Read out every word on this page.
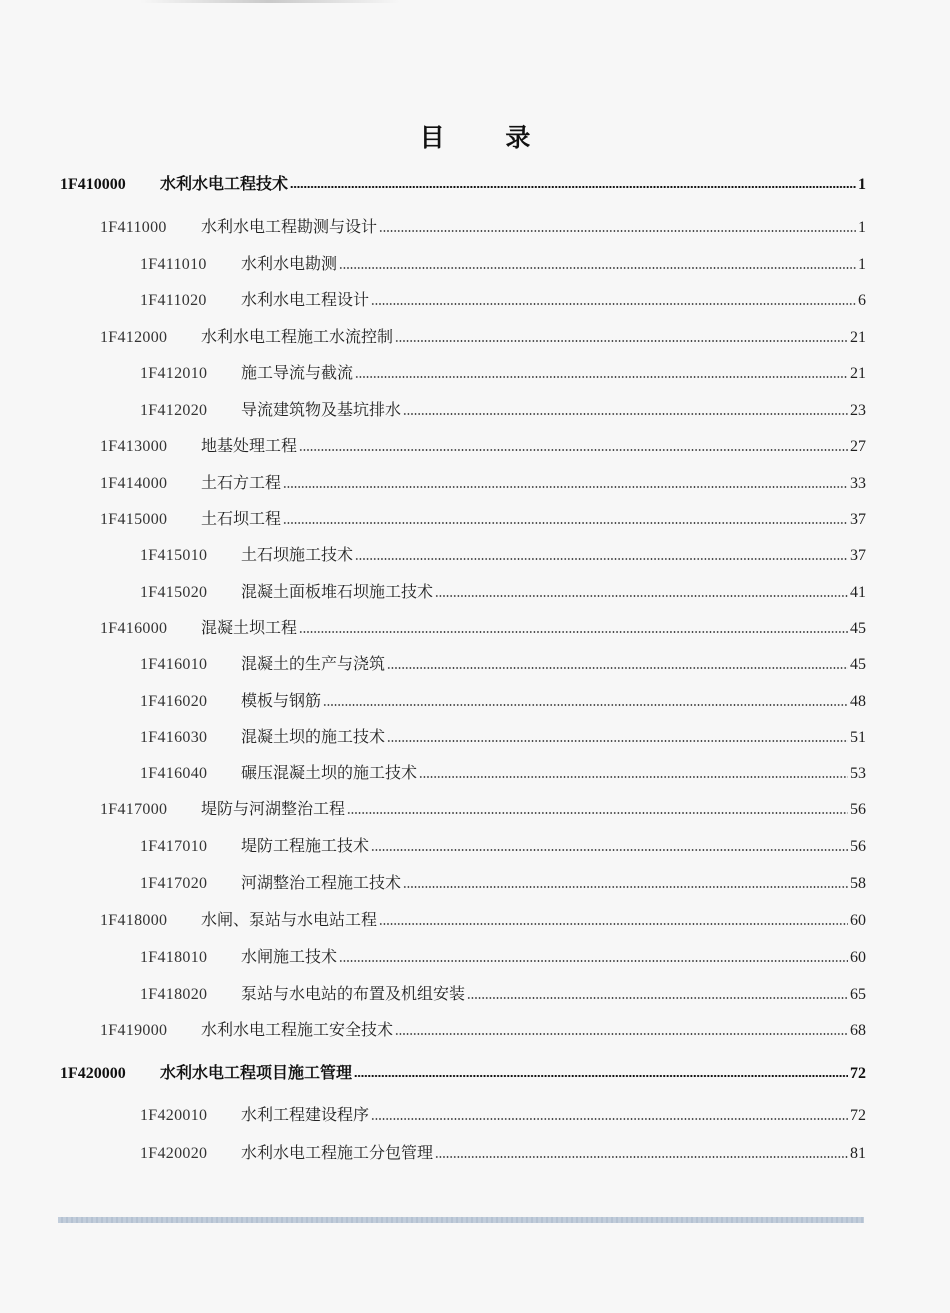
目 录
1F410000	水利水电工程技术	1
1F411000	水利水电工程勘测与设计	1
1F411010	水利水电勘测	1
1F411020	水利水电工程设计	6
1F412000	水利水电工程施工水流控制	21
1F412010	施工导流与截流	21
1F412020	导流建筑物及基坑排水	23
1F413000	地基处理工程	27
1F414000	土石方工程	33
1F415000	土石坝工程	37
1F415010	土石坝施工技术	37
1F415020	混凝土面板堆石坝施工技术	41
1F416000	混凝土坝工程	45
1F416010	混凝土的生产与浇筑	45
1F416020	模板与钢筋	48
1F416030	混凝土坝的施工技术	51
1F416040	碾压混凝土坝的施工技术	53
1F417000	堤防与河湖整治工程	56
1F417010	堤防工程施工技术	56
1F417020	河湖整治工程施工技术	58
1F418000	水闸、泵站与水电站工程	60
1F418010	水闸施工技术	60
1F418020	泵站与水电站的布置及机组安装	65
1F419000	水利水电工程施工安全技术	68
1F420000	水利水电工程项目施工管理	72
1F420010	水利工程建设程序	72
1F420020	水利水电工程施工分包管理	81
